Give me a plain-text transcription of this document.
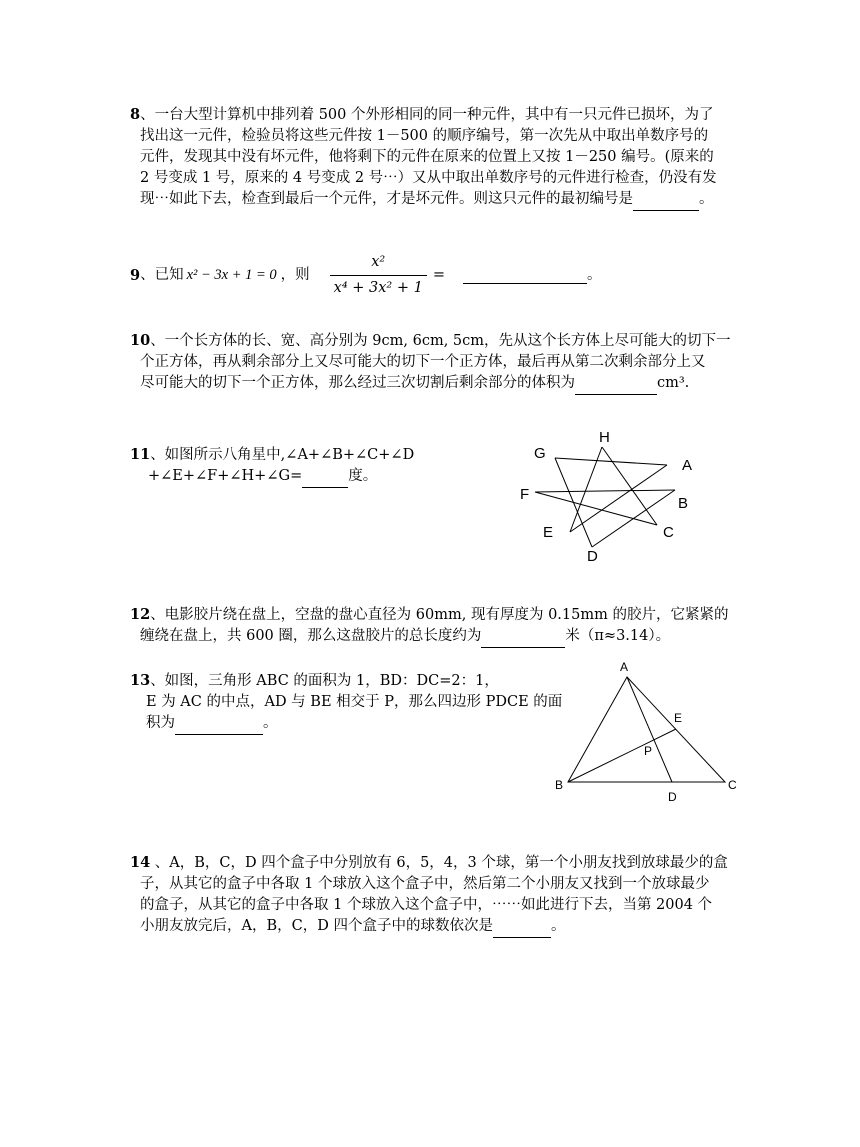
8、一台大型计算机中排列着 500 个外形相同的同一种元件，其中有一只元件已损坏，为了
找出这一元件，检验员将这些元件按 1－500 的顺序编号，第一次先从中取出单数序号的
元件，发现其中没有坏元件，他将剩下的元件在原来的位置上又按 1－250 编号。(原来的
2 号变成 1 号，原来的 4 号变成 2 号⋯）又从中取出单数序号的元件进行检查，仍没有发
现⋯如此下去，检查到最后一个元件，才是坏元件。则这只元件的最初编号是	。
9 、已知 x² − 3x + 1 = 0 ，则 $\frac{\text{x²}}{\text{x⁴ + 3x² + 1}}$ =
	。
10、一个长方体的长、宽、高分别为 9cm, 6cm, 5cm，先从这个长方体上尽可能大的切下一
个正方体，再从剩余部分上又尽可能大的切下一个正方体，最后再从第二次剩余部分上又
尽可能大的切下一个正方体，那么经过三次切割后剩余部分的体积为	cm³.
11、如图所示八角星中,∠A+∠B+∠C+∠D
+∠E+∠F+∠H+∠G=	度。
H
G
A
F
B
E	C
D
12、电影胶片绕在盘上，空盘的盘心直径为 60mm, 现有厚度为 0.15mm 的胶片，它紧紧的
缠绕在盘上，共 600 圈，那么这盘胶片的总长度约为	米（π≈3.14）。
13、如图，三角形 ABC 的面积为 1，BD：DC=2：1，
E 为 AC 的中点，AD 与 BE 相交于 P，那么四边形 PDCE 的面
积为	。
A
E
P
B	C
D
14 、A，B，C，D 四个盒子中分别放有 6，5，4，3 个球，第一个小朋友找到放球最少的盒
子，从其它的盒子中各取 1 个球放入这个盒子中，然后第二个小朋友又找到一个放球最少
的盒子，从其它的盒子中各取 1 个球放入这个盒子中，⋯⋯如此进行下去，当第 2004 个
小朋友放完后，A，B，C，D 四个盒子中的球数依次是	。
